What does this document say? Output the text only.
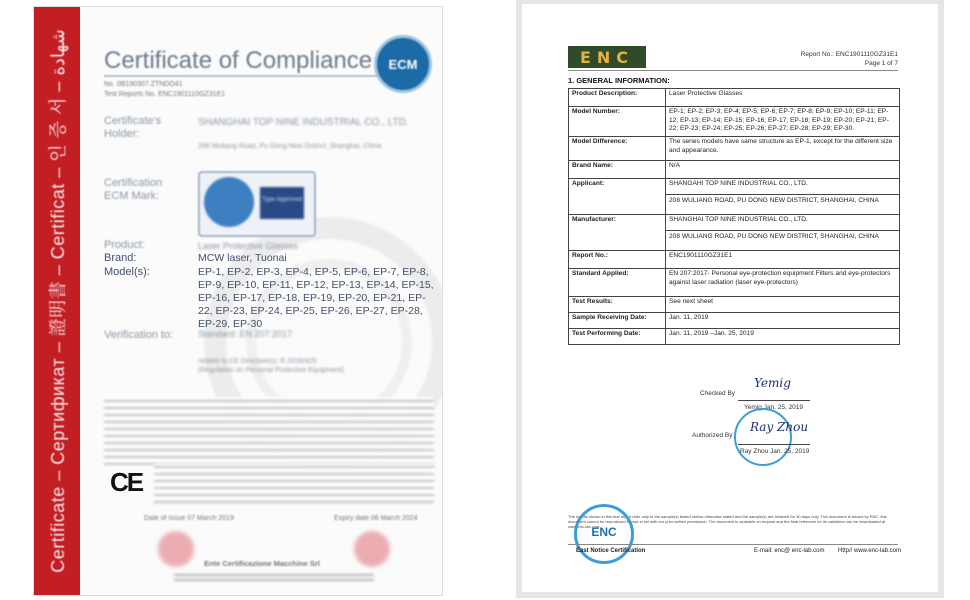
Certificate – Сертификат – 證明書 – Certificat – 인 증 서 – شهادة Certificate of Compliance
No. 0B190307.ZTNDO41
Test Reports No. ENC1901110GZ31E1
ECM
Certificate's Holder:
SHANGHAI TOP NINE INDUSTRIAL CO., LTD.
208 Wuliang Road, Pu Dong New District, Shanghai, China
Certification ECM Mark:	Type Approved
Product:	Laser Protective Glasses
Brand:	MCW laser, Tuonai
Model(s):	EP-1, EP-2, EP-3, EP-4, EP-5, EP-6, EP-7, EP-8, EP-9, EP-10, EP-11, EP-12, EP-13, EP-14, EP-15, EP-16, EP-17, EP-18, EP-19, EP-20, EP-21, EP-22, EP-23, EP-24, EP-25, EP-26, EP-27, EP-28, EP-29, EP-30
Verification to:	Standard: EN 207:2017
related to CE Directive(s): R 2016/425 (Regulation on Personal Protective Equipment)
CE
Date of Issue 07 March 2019	Expiry date 06 March 2024
Ente Certificazione Macchine Srl
ENC	Report No.: ENC1901110GZ31E1
Page 1 of 7
1. GENERAL INFORMATION:
Product Description:	Laser Protective Glasses
Model Number:	EP-1; EP-2; EP-3; EP-4; EP-5; EP-6; EP-7; EP-8; EP-9; EP-10; EP-11; EP-12; EP-13; EP-14; EP-15; EP-16; EP-17; EP-18; EP-19; EP-20; EP-21; EP-22; EP-23; EP-24; EP-25; EP-26; EP-27; EP-28; EP-29; EP-30.
Model Difference:	The series models have same structure as EP-1, except for the different size and appearance.
Brand Name:	N/A
Applicant:	SHANGAHI TOP NINE INDUSTRIAL CO., LTD.
208 WULIANG ROAD, PU DONG NEW DISTRICT, SHANGHAI, CHINA

Manufacturer:	SHANGHAI TOP NINE INDUSTRIAL CO., LTD.
208 WULIANG ROAD, PU DONG NEW DISTRICT, SHANGHAI, CHINA

Report No.:	ENC1901110GZ31E1
Standard Applied:	EN 207:2017- Personal eye-protection equipment Filters and eye-protectors against laser radiation (laser eye-protectors)
Test Results:	See next sheet
Sample Receiving Date:	Jan. 11, 2019
Test Performing Date:	Jan. 11, 2019 –Jan. 25, 2019
Checked By
Yemig
Yemig Jan. 25, 2019
Authorized By
Ray Zhou
Ray Zhou Jan. 25, 2019
The results shown in this test report refer only to the sample(s) tested unless otherwise stated and the sample(s) are retained for 30 days only. This document is issued by ENC, this document cannot be reproduced except in full with our prior written permission. The document is available on request and the final reference for its validation can be downloaded at www.enc-lab.com.
ENC
East Notice Certification	E-mail: enc@ enc-lab.com Http// www.enc-lab.com
